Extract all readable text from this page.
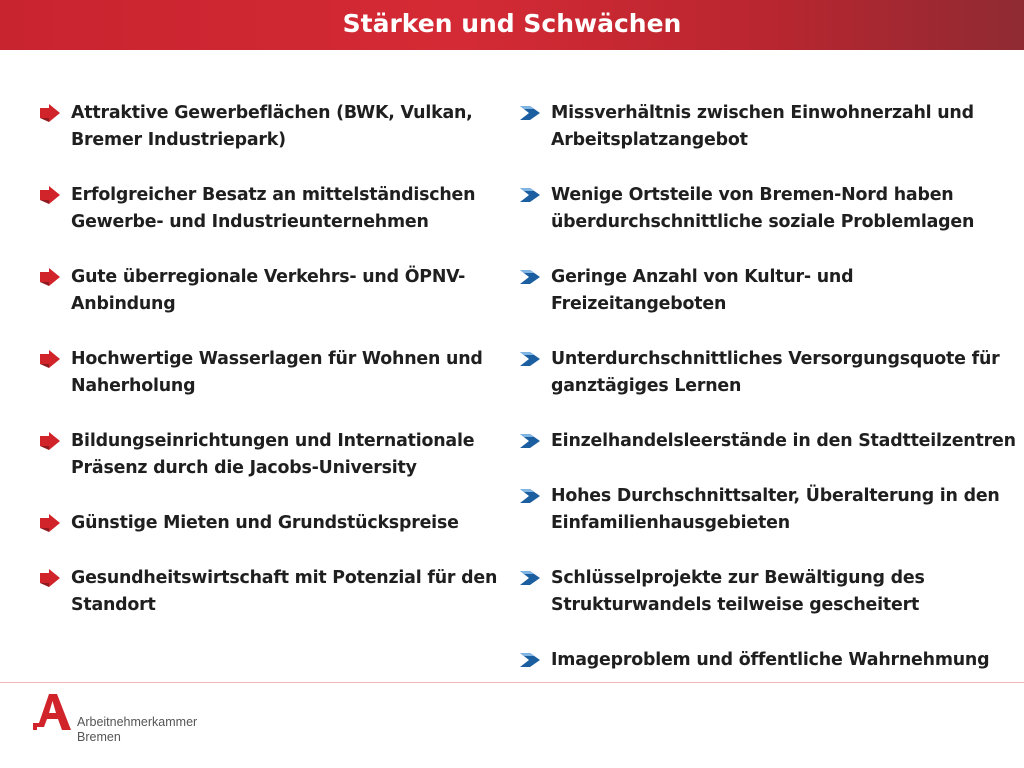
Stärken und Schwächen
Attraktive Gewerbeflächen (BWK, Vulkan, Bremer Industriepark)
Erfolgreicher Besatz an mittelständischen Gewerbe- und Industrieunternehmen
Gute überregionale Verkehrs- und ÖPNV-Anbindung
Hochwertige Wasserlagen für Wohnen und Naherholung
Bildungseinrichtungen und Internationale Präsenz durch die Jacobs-University
Günstige Mieten und Grundstückspreise
Gesundheitswirtschaft mit Potenzial für den Standort
Missverhältnis zwischen Einwohnerzahl und Arbeitsplatzangebot
Wenige Ortsteile von Bremen-Nord haben überdurchschnittliche soziale Problemlagen
Geringe Anzahl von Kultur- und Freizeitangeboten
Unterdurchschnittliches Versorgungsquote für ganztägiges Lernen
Einzelhandelsleerstände in den Stadtteilzentren
Hohes Durchschnittsalter, Überalterung in den Einfamilienhausgebieten
Schlüsselprojekte zur Bewältigung des Strukturwandels teilweise gescheitert
Imageproblem und öffentliche Wahrnehmung

Arbeitnehmerkammer

Bremen
